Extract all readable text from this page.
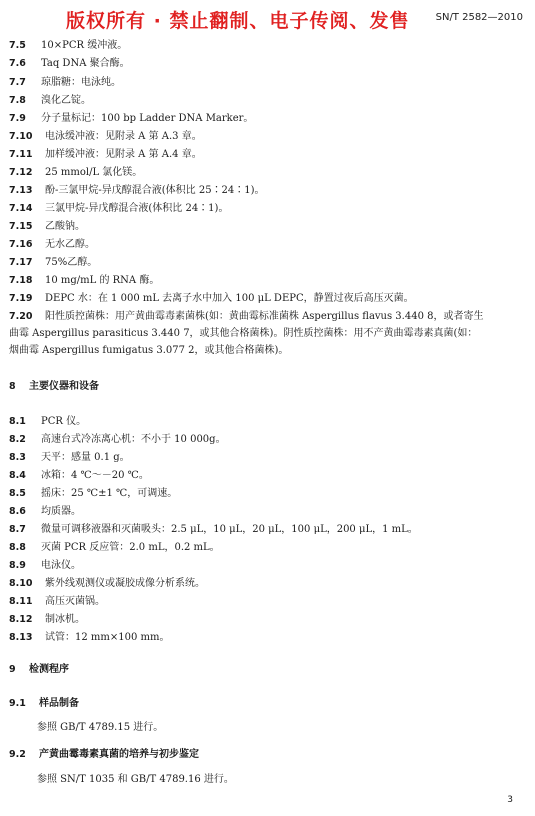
版权所有 · 禁止翻制、电子传阅、发售	SN/T 2582—2010
7.5 10×PCR 缓冲液。
7.6 Taq DNA 聚合酶。
7.7 琼脂糖：电泳纯。
7.8 溴化乙锭。
7.9 分子量标记：100 bp Ladder DNA Marker。
7.10 电泳缓冲液：见附录 A 第 A.3 章。
7.11 加样缓冲液：见附录 A 第 A.4 章。
7.12 25 mmol/L 氯化镁。
7.13 酚-三氯甲烷-异戊醇混合液(体积比 25∶24∶1)。
7.14 三氯甲烷-异戊醇混合液(体积比 24∶1)。
7.15 乙酸钠。
7.16 无水乙醇。
7.17 75%乙醇。
7.18 10 mg/mL 的 RNA 酶。
7.19 DEPC 水：在 1 000 mL 去离子水中加入 100 μL DEPC，静置过夜后高压灭菌。
7.20 阳性质控菌株：用产黄曲霉毒素菌株(如：黄曲霉标准菌株 Aspergillus flavus 3.440 8，或者寄生
曲霉 Aspergillus parasiticus 3.440 7，或其他合格菌株)。阴性质控菌株：用不产黄曲霉毒素真菌(如：
烟曲霉 Aspergillus fumigatus 3.077 2，或其他合格菌株)。
8 主要仪器和设备
8.1 PCR 仪。
8.2 高速台式冷冻离心机：不小于 10 000g。
8.3 天平：感量 0.1 g。
8.4 冰箱：4 ℃～－20 ℃。
8.5 摇床：25 ℃±1 ℃，可调速。
8.6 均质器。
8.7 微量可调移液器和灭菌吸头：2.5 μL，10 μL，20 μL，100 μL，200 μL，1 mL。
8.8 灭菌 PCR 反应管：2.0 mL，0.2 mL。
8.9 电泳仪。
8.10 紫外线观测仪或凝胶成像分析系统。
8.11 高压灭菌锅。
8.12 制冰机。
8.13 试管：12 mm×100 mm。
9 检测程序
9.1 样品制备
参照 GB/T 4789.15 进行。
9.2 产黄曲霉毒素真菌的培养与初步鉴定
参照 SN/T 1035 和 GB/T 4789.16 进行。
3
